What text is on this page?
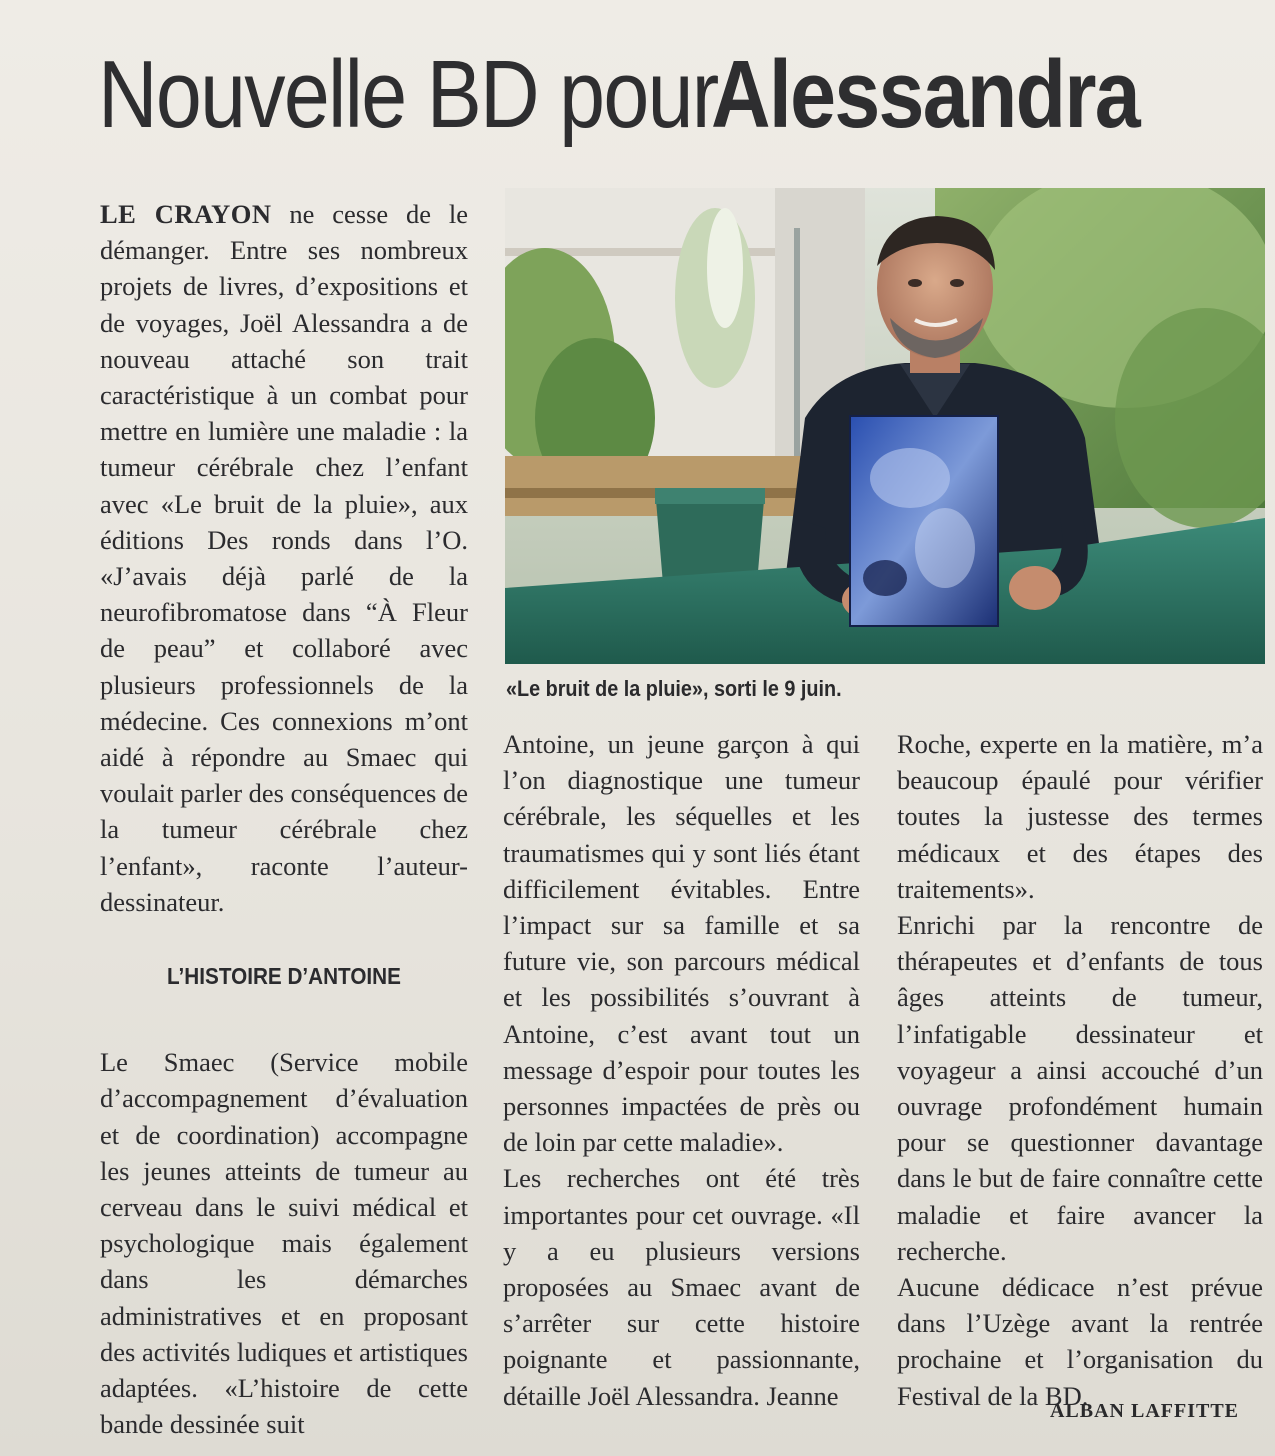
Nouvelle BD pour Alessandra

LE CRAYON ne cesse de le démanger. Entre ses nombreux projets de livres, d’expositions et de voyages, Joël Alessandra a de nouveau attaché son trait caractéristique à un combat pour mettre en lumière une maladie : la tumeur cérébrale chez l’enfant avec «Le bruit de la pluie», aux éditions Des ronds dans l’O. «J’avais déjà parlé de la neurofibromatose dans “À Fleur de peau” et collaboré avec plusieurs professionnels de la médecine. Ces connexions m’ont aidé à répondre au Smaec qui voulait parler des conséquences de la tumeur cérébrale chez l’enfant», raconte l’auteur-dessinateur.

L’HISTOIRE D’ANTOINE

Le Smaec (Service mobile d’accompagnement d’évaluation et de coordination) accompagne les jeunes atteints de tumeur au cerveau dans le suivi médical et psychologique mais également dans les démarches administratives et en proposant des activités ludiques et artistiques adaptées. «L’histoire de cette bande dessinée suit

«Le bruit de la pluie», sorti le 9 juin.

Antoine, un jeune garçon à qui l’on diagnostique une tumeur cérébrale, les séquelles et les traumatismes qui y sont liés étant difficilement évitables. Entre l’impact sur sa famille et sa future vie, son parcours médical et les possibilités s’ouvrant à Antoine, c’est avant tout un message d’espoir pour toutes les personnes impactées de près ou de loin par cette maladie».

Les recherches ont été très importantes pour cet ouvrage. «Il y a eu plusieurs versions proposées au Smaec avant de s’arrêter sur cette histoire poignante et passionnante, détaille Joël Alessandra. Jeanne

Roche, experte en la matière, m’a beaucoup épaulé pour vérifier toutes la justesse des termes médicaux et des étapes des traitements».

Enrichi par la rencontre de thérapeutes et d’enfants de tous âges atteints de tumeur, l’infatigable dessinateur et voyageur a ainsi accouché d’un ouvrage profondément humain pour se questionner davantage dans le but de faire connaître cette maladie et faire avancer la recherche.

Aucune dédicace n’est prévue dans l’Uzège avant la rentrée prochaine et l’organisation du Festival de la BD.

ALBAN LAFFITTE
